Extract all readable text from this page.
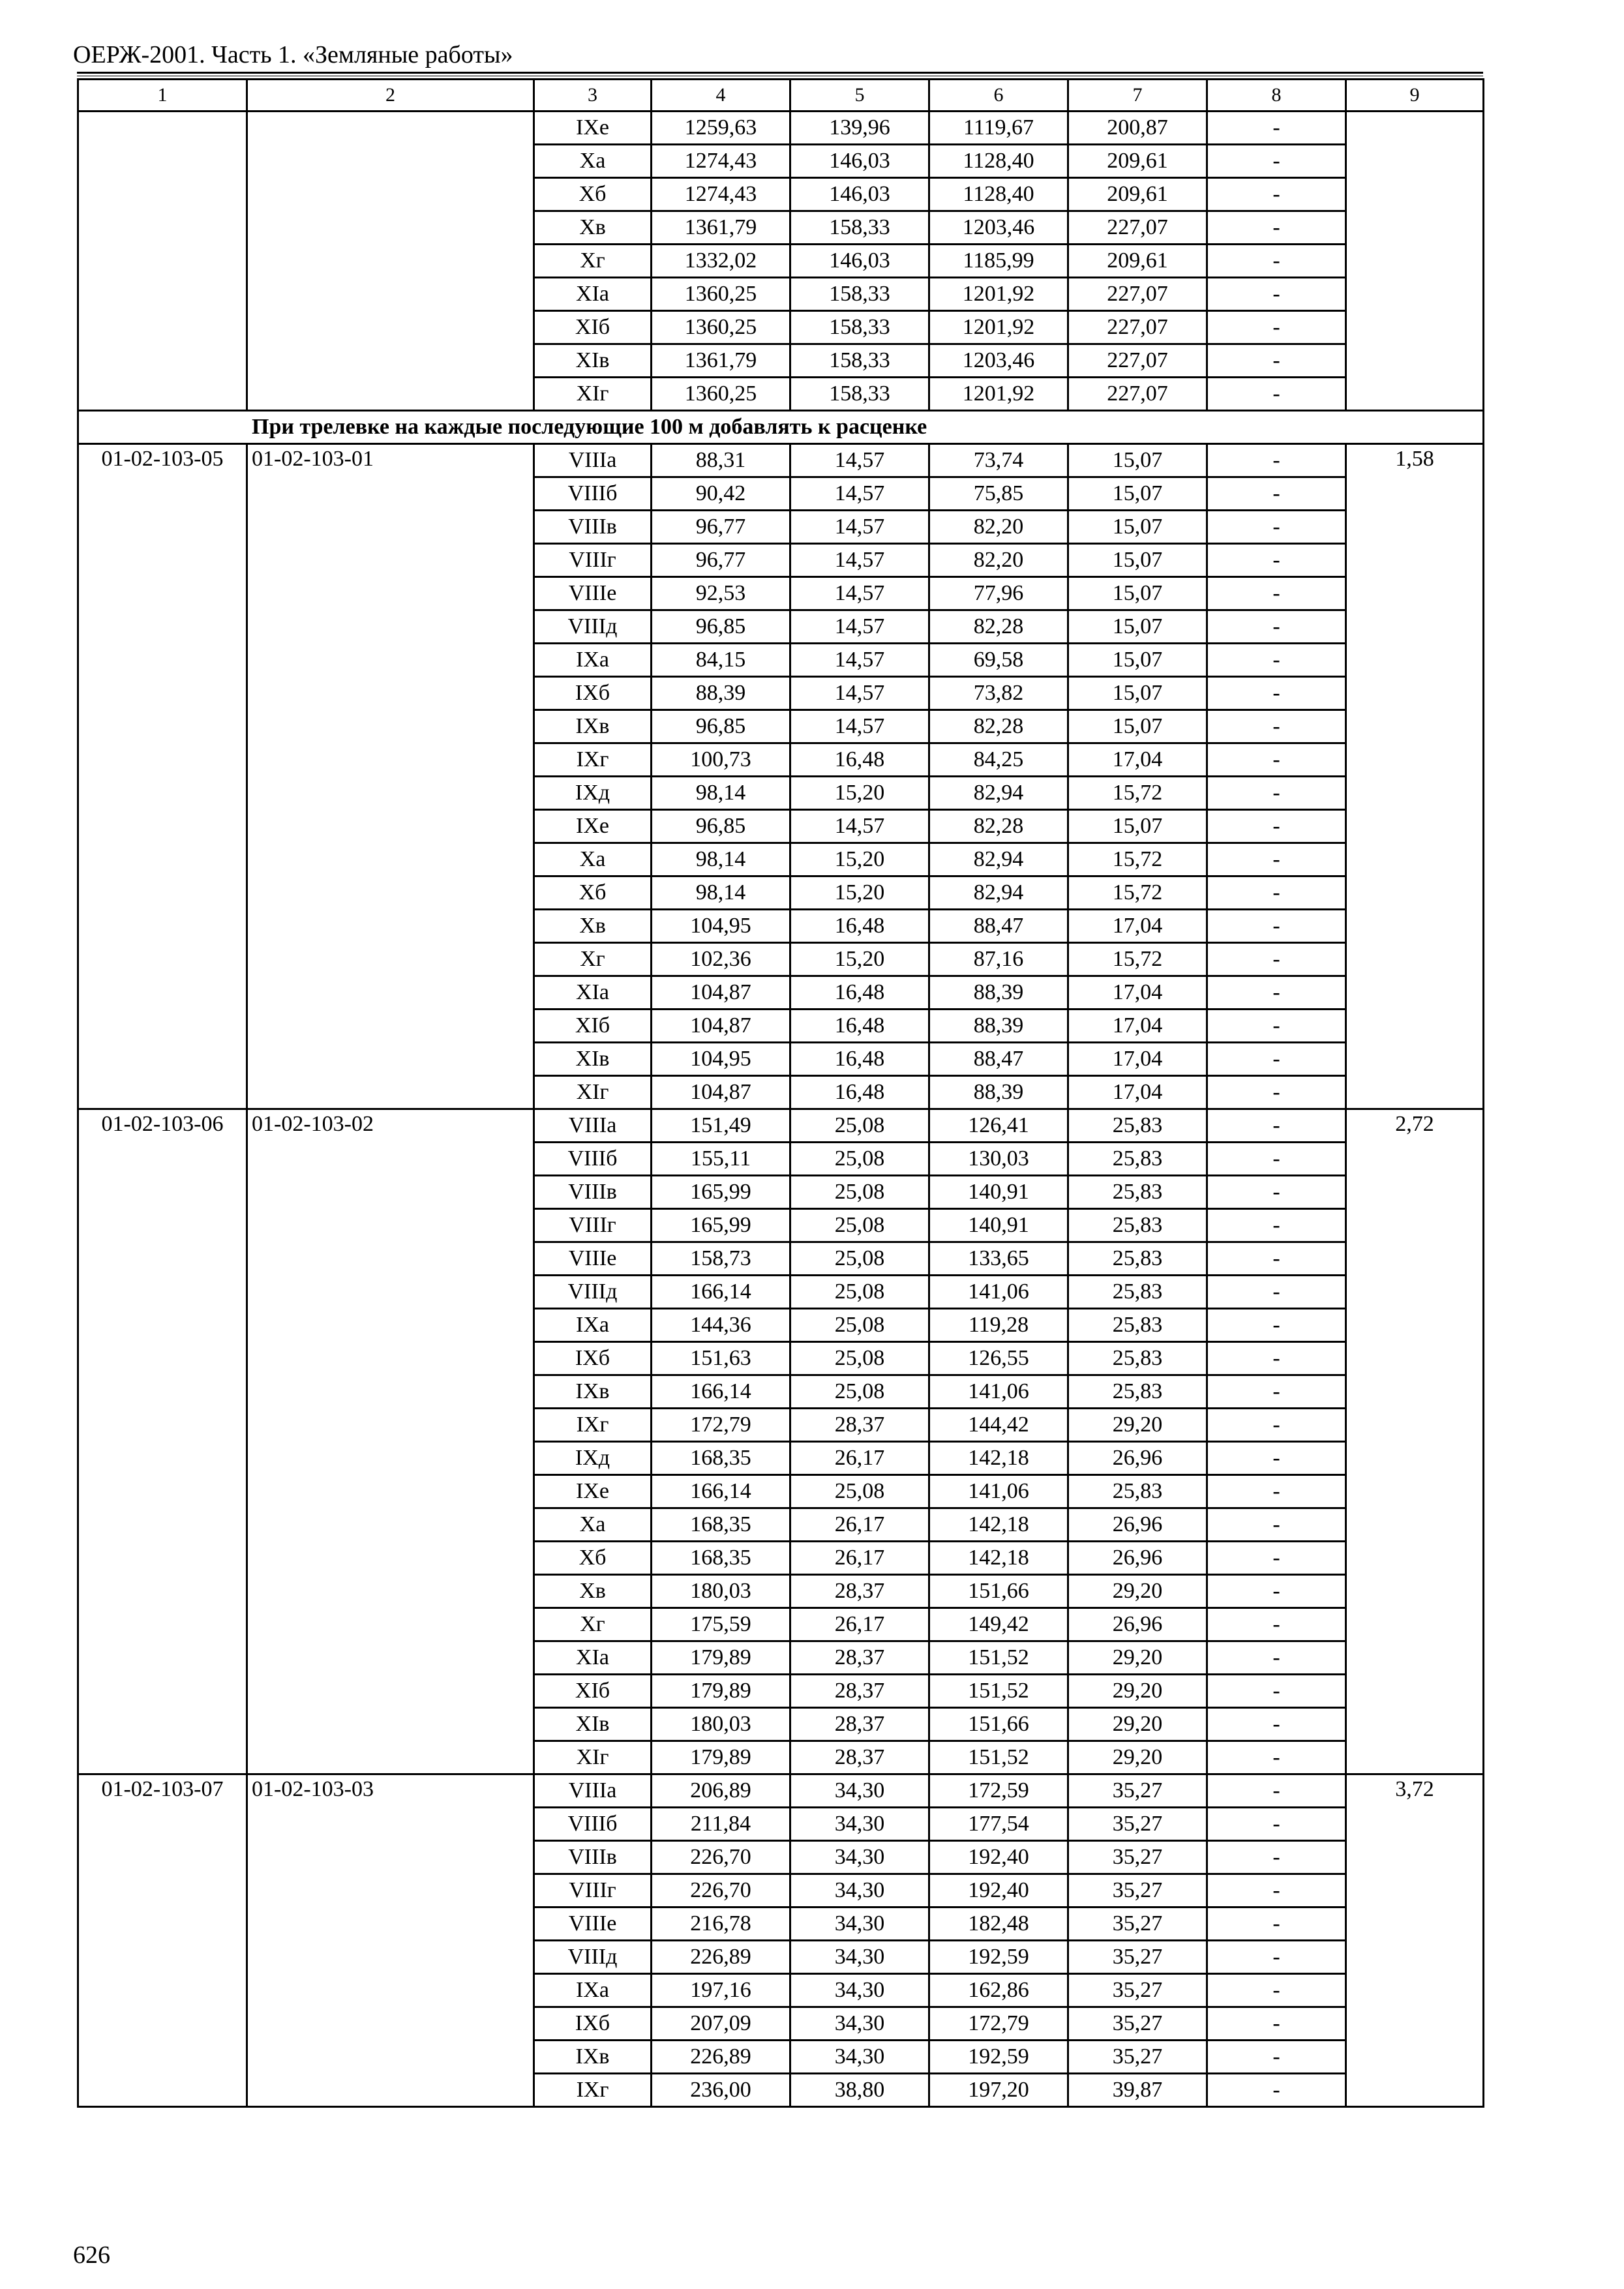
ОЕРЖ-2001. Часть 1. «Земляные работы»
1	2	3	4	5	6	7	8	9
		IXе	1259,63	139,96	1119,67	200,87	-	
		Xа	1274,43	146,03	1128,40	209,61	-	
		Xб	1274,43	146,03	1128,40	209,61	-	
		Xв	1361,79	158,33	1203,46	227,07	-	
		Xг	1332,02	146,03	1185,99	209,61	-	
		XIа	1360,25	158,33	1201,92	227,07	-	
		XIб	1360,25	158,33	1201,92	227,07	-	
		XIв	1361,79	158,33	1203,46	227,07	-	
		XIг	1360,25	158,33	1201,92	227,07	-	
При трелевке на каждые последующие 100 м добавлять к расценке								
01-02-103-05	01-02-103-01	VIIIа	88,31	14,57	73,74	15,07	-	1,58
		VIIIб	90,42	14,57	75,85	15,07	-	
		VIIIв	96,77	14,57	82,20	15,07	-	
		VIIIг	96,77	14,57	82,20	15,07	-	
		VIIIе	92,53	14,57	77,96	15,07	-	
		VIIIд	96,85	14,57	82,28	15,07	-	
		IXа	84,15	14,57	69,58	15,07	-	
		IXб	88,39	14,57	73,82	15,07	-	
		IXв	96,85	14,57	82,28	15,07	-	
		IXг	100,73	16,48	84,25	17,04	-	
		IXд	98,14	15,20	82,94	15,72	-	
		IXе	96,85	14,57	82,28	15,07	-	
		Xа	98,14	15,20	82,94	15,72	-	
		Xб	98,14	15,20	82,94	15,72	-	
		Xв	104,95	16,48	88,47	17,04	-	
		Xг	102,36	15,20	87,16	15,72	-	
		XIа	104,87	16,48	88,39	17,04	-	
		XIб	104,87	16,48	88,39	17,04	-	
		XIв	104,95	16,48	88,47	17,04	-	
		XIг	104,87	16,48	88,39	17,04	-	
01-02-103-06	01-02-103-02	VIIIа	151,49	25,08	126,41	25,83	-	2,72
		VIIIб	155,11	25,08	130,03	25,83	-	
		VIIIв	165,99	25,08	140,91	25,83	-	
		VIIIг	165,99	25,08	140,91	25,83	-	
		VIIIе	158,73	25,08	133,65	25,83	-	
		VIIIд	166,14	25,08	141,06	25,83	-	
		IXа	144,36	25,08	119,28	25,83	-	
		IXб	151,63	25,08	126,55	25,83	-	
		IXв	166,14	25,08	141,06	25,83	-	
		IXг	172,79	28,37	144,42	29,20	-	
		IXд	168,35	26,17	142,18	26,96	-	
		IXе	166,14	25,08	141,06	25,83	-	
		Xа	168,35	26,17	142,18	26,96	-	
		Xб	168,35	26,17	142,18	26,96	-	
		Xв	180,03	28,37	151,66	29,20	-	
		Xг	175,59	26,17	149,42	26,96	-	
		XIа	179,89	28,37	151,52	29,20	-	
		XIб	179,89	28,37	151,52	29,20	-	
		XIв	180,03	28,37	151,66	29,20	-	
		XIг	179,89	28,37	151,52	29,20	-	
01-02-103-07	01-02-103-03	VIIIа	206,89	34,30	172,59	35,27	-	3,72
		VIIIб	211,84	34,30	177,54	35,27	-	
		VIIIв	226,70	34,30	192,40	35,27	-	
		VIIIг	226,70	34,30	192,40	35,27	-	
		VIIIе	216,78	34,30	182,48	35,27	-	
		VIIIд	226,89	34,30	192,59	35,27	-	
		IXа	197,16	34,30	162,86	35,27	-	
		IXб	207,09	34,30	172,79	35,27	-	
		IXв	226,89	34,30	192,59	35,27	-	
		IXг	236,00	38,80	197,20	39,87	-	
626
